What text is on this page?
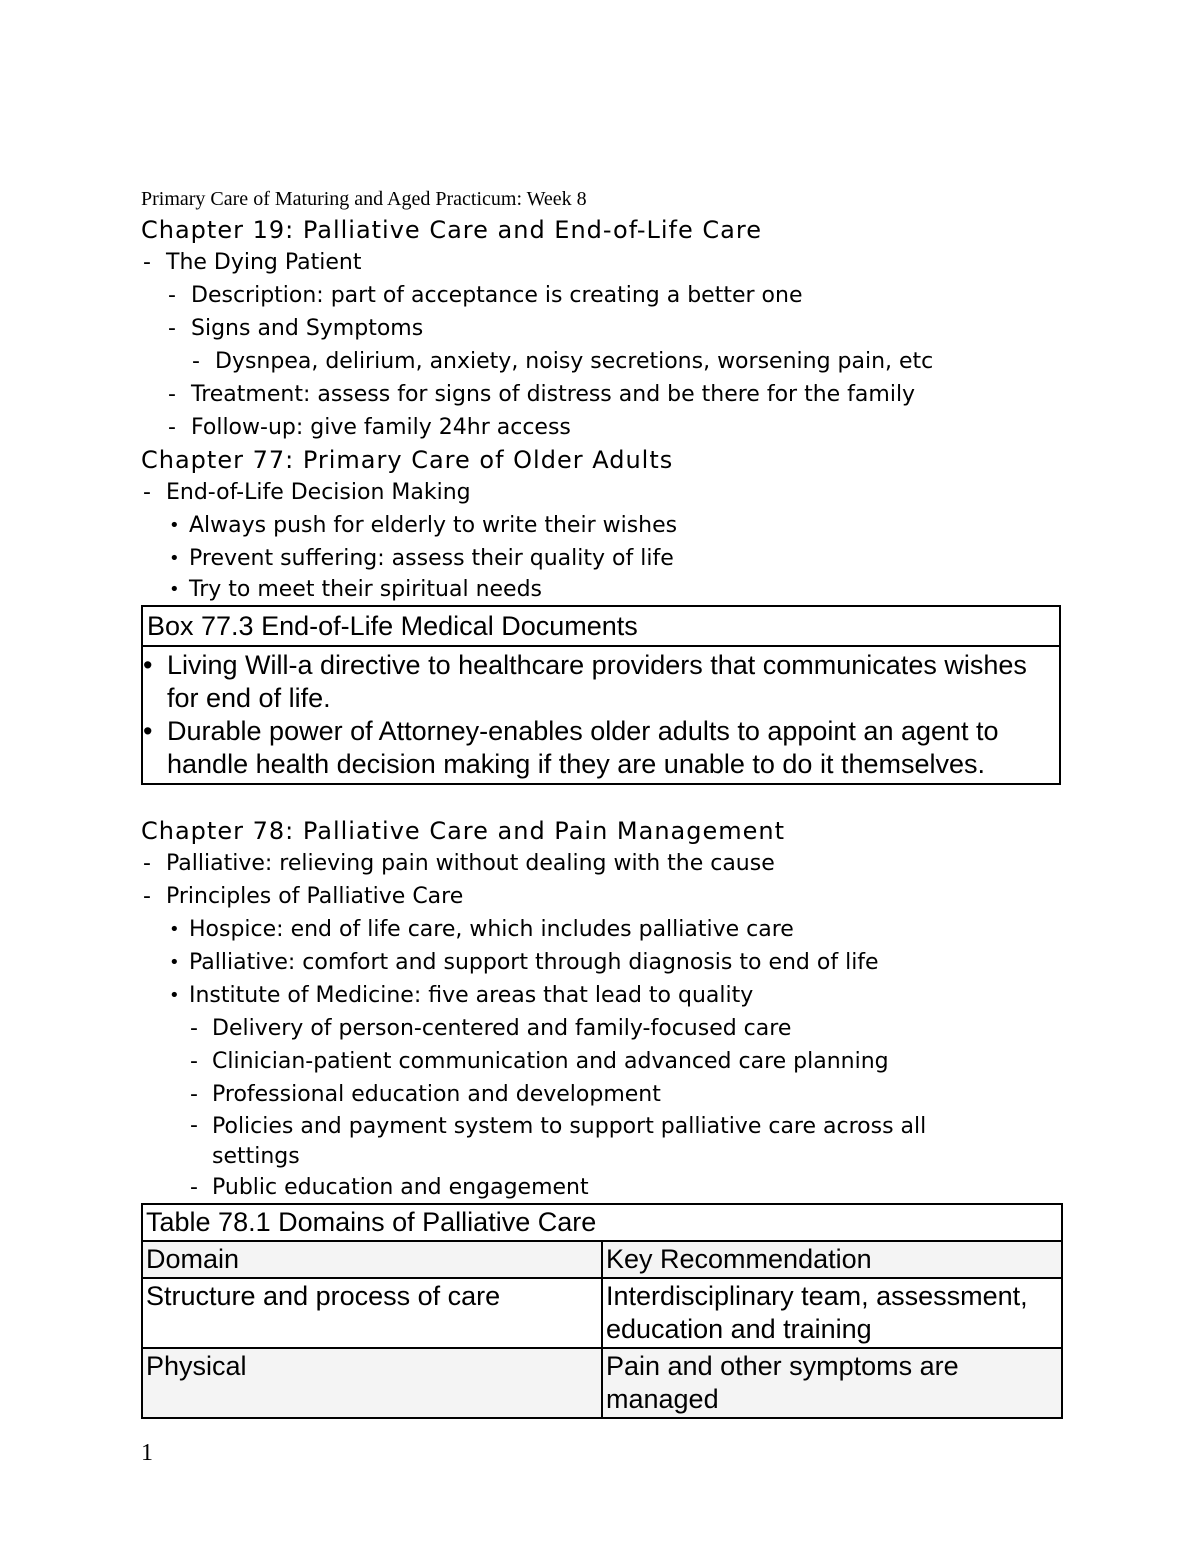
Primary Care of Maturing and Aged Practicum: Week 8
Chapter 19: Palliative Care and End-of-Life Care
- The Dying Patient
- Description: part of acceptance is creating a better one
- Signs and Symptoms
- Dysnpea, delirium, anxiety, noisy secretions, worsening pain, etc
- Treatment: assess for signs of distress and be there for the family
- Follow-up: give family 24hr access
Chapter 77: Primary Care of Older Adults
- End-of-Life Decision Making
• Always push for elderly to write their wishes
• Prevent suffering: assess their quality of life
• Try to meet their spiritual needs
Box 77.3 End-of-Life Medical Documents
• Living Will-a directive to healthcare providers that communicates wishes for end of life.
• Durable power of Attorney-enables older adults to appoint an agent to handle health decision making if they are unable to do it themselves.
Chapter 78: Palliative Care and Pain Management
- Palliative: relieving pain without dealing with the cause
- Principles of Palliative Care
• Hospice: end of life care, which includes palliative care
• Palliative: comfort and support through diagnosis to end of life
• Institute of Medicine: five areas that lead to quality
- Delivery of person-centered and family-focused care
- Clinician-patient communication and advanced care planning
- Professional education and development
- Policies and payment system to support palliative care across all settings
- Public education and engagement
Table 78.1 Domains of Palliative Care	
Domain	Key Recommendation
Structure and process of care	Interdisciplinary team, assessment, education and training
Physical	Pain and other symptoms are managed
1
